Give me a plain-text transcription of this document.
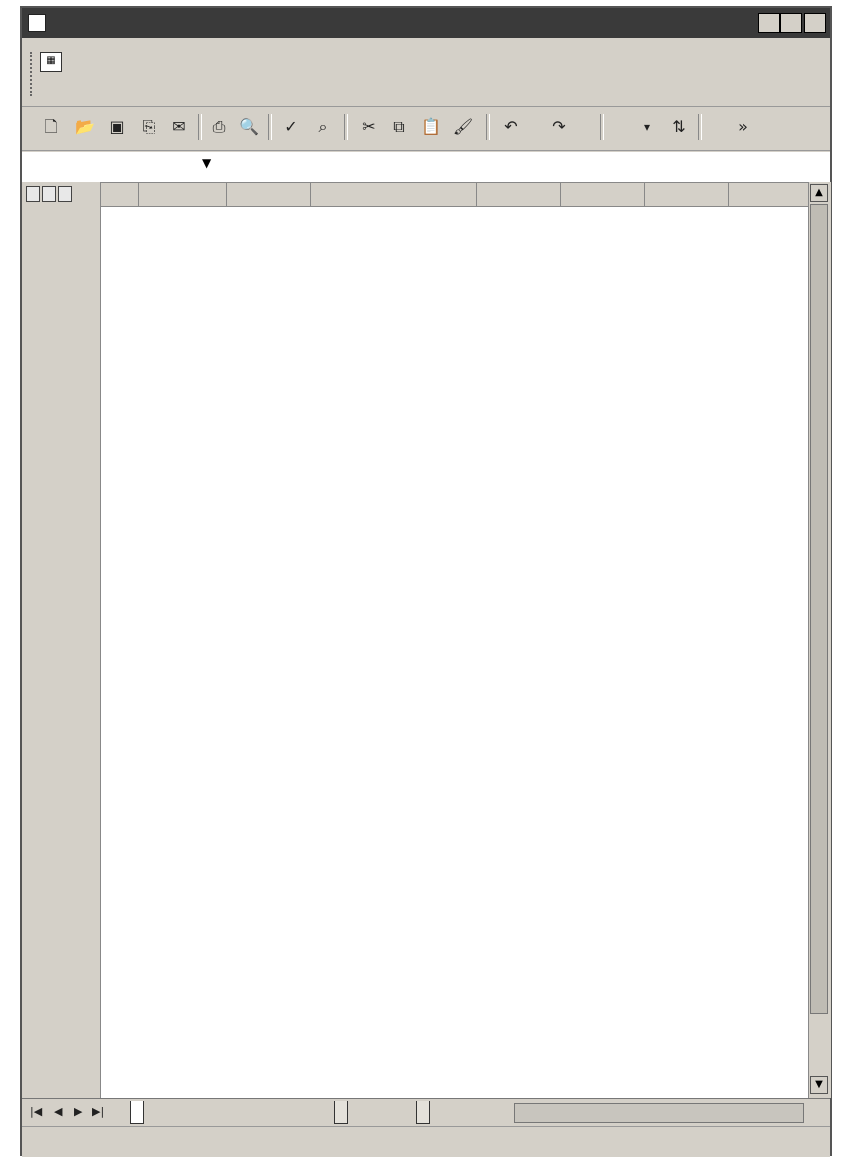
▦
🗋 📂 ▣ ⎘ ✉ ⎙ 🔍 ✓	⌕	✂	⧉	📋 🖌 ↶ ↷	▾	⇅	»
▼

▲
▼
|◀ ◀ ▶ ▶|
